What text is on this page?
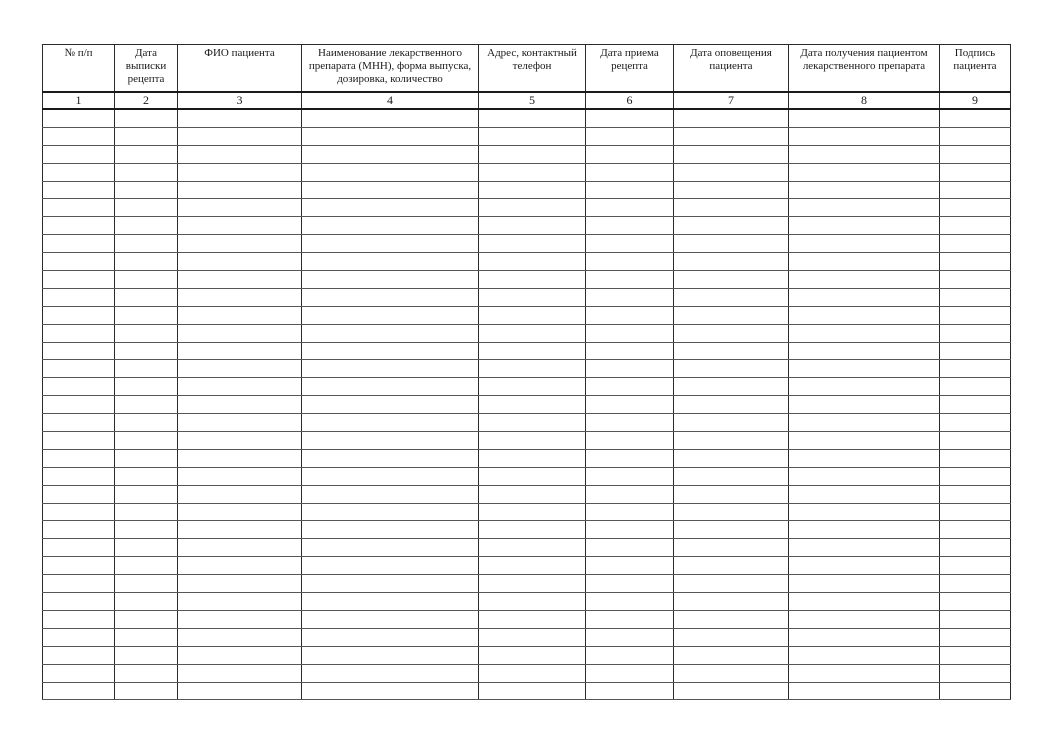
№ п/п	Дата выписки рецепта	ФИО пациента	Наименование лекарственного препарата (МНН), форма выпуска, дозировка, количество	Адрес, контактный телефон	Дата приема рецепта	Дата оповещения пациента	Дата получения пациентом лекарственного препарата	Подпись пациента
1	2	3	4	5	6	7	8	9
